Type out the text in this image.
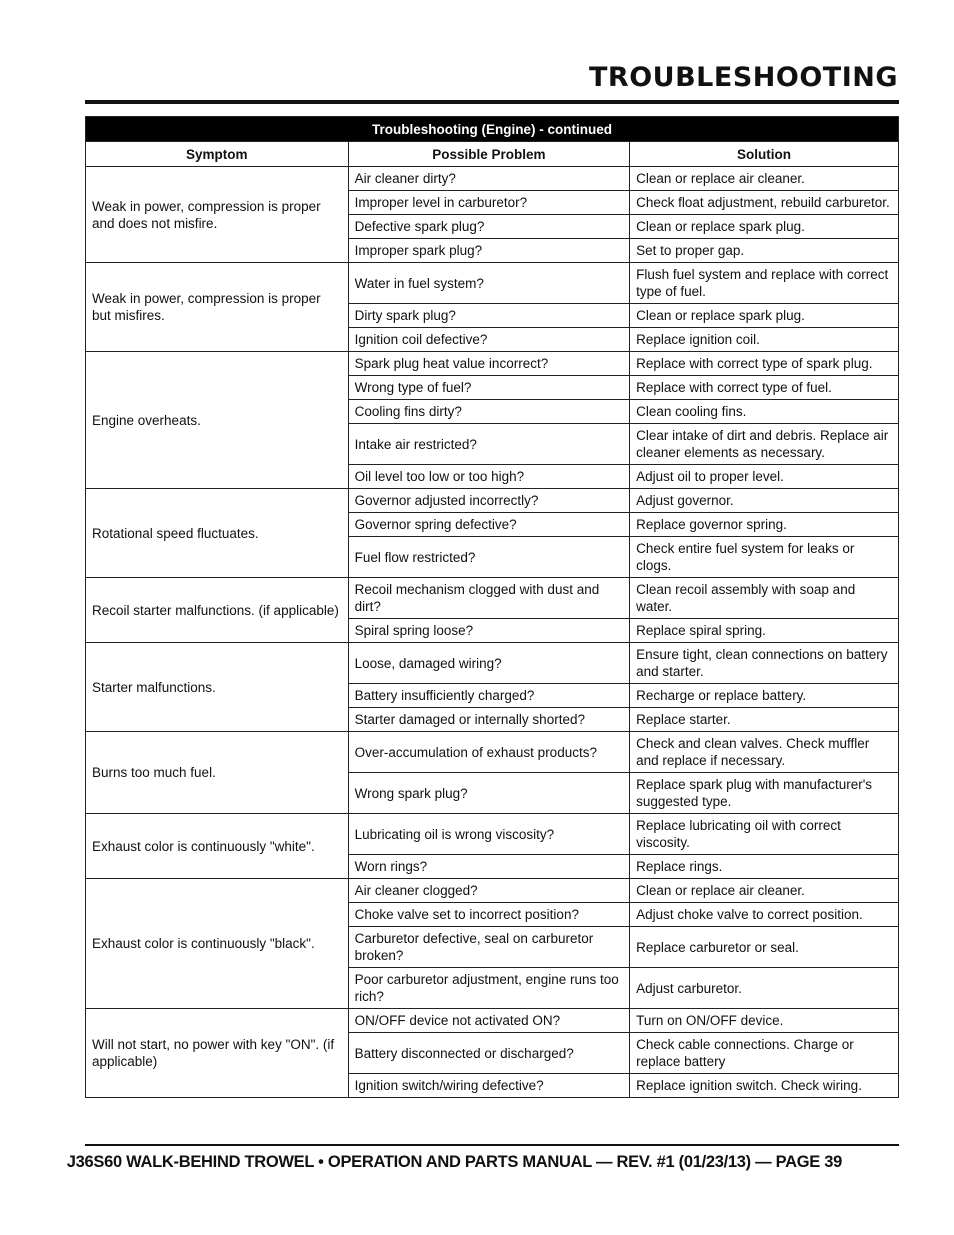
TROUBLESHOOTING
Troubleshooting (Engine) - continued		
Symptom	Possible Problem	Solution
Weak in power, compression is proper and does not misfire.	Air cleaner dirty?	Clean or replace air cleaner.
	Improper level in carburetor?	Check float adjustment, rebuild carburetor.
	Defective spark plug?	Clean or replace spark plug.
	Improper spark plug?	Set to proper gap.
Weak in power, compression is proper but misfires.	Water in fuel system?	Flush fuel system and replace with correct type of fuel.
	Dirty spark plug?	Clean or replace spark plug.
	Ignition coil defective?	Replace ignition coil.
Engine overheats.	Spark plug heat value incorrect?	Replace with correct type of spark plug.
	Wrong type of fuel?	Replace with correct type of fuel.
	Cooling fins dirty?	Clean cooling fins.
	Intake air restricted?	Clear intake of dirt and debris. Replace air cleaner elements as necessary.
	Oil level too low or too high?	Adjust oil to proper level.
Rotational speed fluctuates.	Governor adjusted incorrectly?	Adjust governor.
	Governor spring defective?	Replace governor spring.
	Fuel flow restricted?	Check entire fuel system for leaks or clogs.
Recoil starter malfunctions. (if applicable)	Recoil mechanism clogged with dust and dirt?	Clean recoil assembly with soap and water.
	Spiral spring loose?	Replace spiral spring.
Starter malfunctions.	Loose, damaged wiring?	Ensure tight, clean connections on battery and starter.
	Battery insufficiently charged?	Recharge or replace battery.
	Starter damaged or internally shorted?	Replace starter.
Burns too much fuel.	Over-accumulation of exhaust products?	Check and clean valves. Check muffler and replace if necessary.
	Wrong spark plug?	Replace spark plug with manufacturer's suggested type.
Exhaust color is continuously "white".	Lubricating oil is wrong viscosity?	Replace lubricating oil with correct viscosity.
	Worn rings?	Replace rings.
Exhaust color is continuously "black".	Air cleaner clogged?	Clean or replace air cleaner.
	Choke valve set to incorrect position?	Adjust choke valve to correct position.
	Carburetor defective, seal on carburetor broken?	Replace carburetor or seal.
	Poor carburetor adjustment, engine runs too rich?	Adjust carburetor.
Will not start, no power with key "ON". (if applicable)	ON/OFF device not activated ON?	Turn on ON/OFF device.
	Battery disconnected or discharged?	Check cable connections. Charge or replace battery
	Ignition switch/wiring defective?	Replace ignition switch. Check wiring.
J36S60 WALK-BEHIND TROWEL • OPERATION AND PARTS MANUAL — REV. #1 (01/23/13) — PAGE 39
